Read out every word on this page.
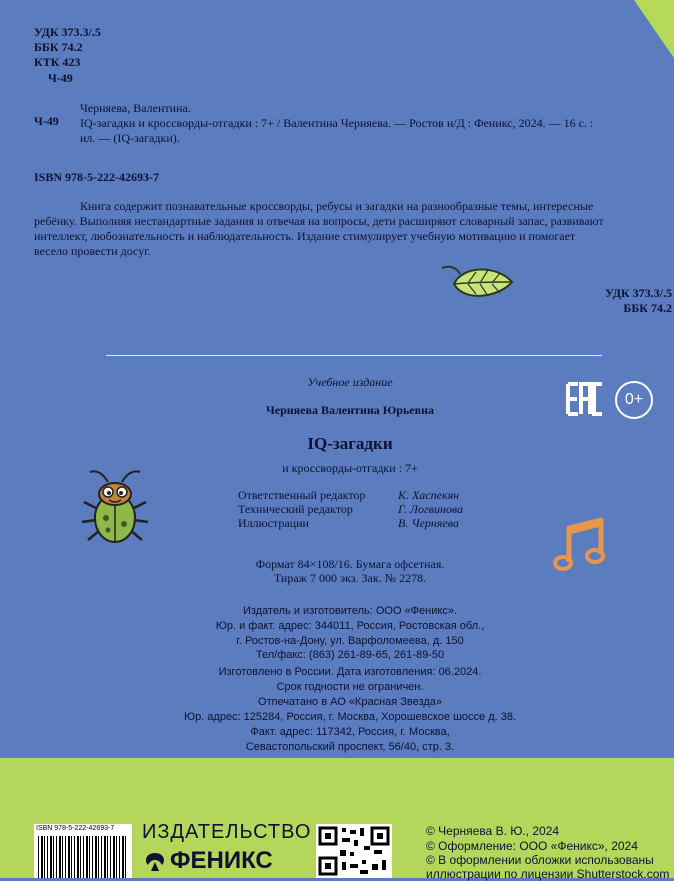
УДК 373.3/.5
ББК 74.2
КТК 423
Ч-49
Ч-49
Черняева, Валентина.
IQ-загадки и кроссворды-отгадки : 7+ / Валентина Черняева. — Ростов н/Д : Феникс, 2024. — 16 с. :
ил. — (IQ-загадки).
ISBN 978-5-222-42693-7
Книга содержит познавательные кроссворды, ребусы и загадки на разнообразные темы, интересные
ребёнку. Выполняя нестандартные задания и отвечая на вопросы, дети расширяют словарный запас, развивают
интеллект, любознательность и наблюдательность. Издание стимулирует учебную мотивацию и помогает
весело провести досуг.
УДК 373.3/.5
ББК 74.2
Учебное издание
Черняева Валентина Юрьевна
IQ-загадки
и кроссворды-отгадки : 7+
Ответственный редактор	К. Хаспекян
Технический редактор	Г. Логвинова
Иллюстрации	В. Черняева
Формат 84×108/16. Бумага офсетная.
Тираж 7 000 экз. Зак. № 2278.
0+
Издатель и изготовитель: ООО «Феникс».
Юр. и факт. адрес: 344011, Россия, Ростовская обл.,
г. Ростов-на-Дону, ул. Варфоломеева, д. 150
Тел/факс: (863) 261-89-65, 261-89-50
Изготовлено в России. Дата изготовления: 06.2024.
Срок годности не ограничен.
Отпечатано в АО «Красная Звезда»
Юр. адрес: 125284, Россия, г. Москва, Хорошевское шоссе д. 38.
Факт. адрес: 117342, Россия, г. Москва,
Севастопольский проспект, 56/40, стр. 3.
ISBN 978-5-222-42693-7 ИЗДАТЕЛЬСТВО
ФЕНИКС
© Черняева В. Ю., 2024
© Оформление: ООО «Феникс», 2024
© В оформлении обложки использованы
иллюстрации по лицензии Shutterstock.com
